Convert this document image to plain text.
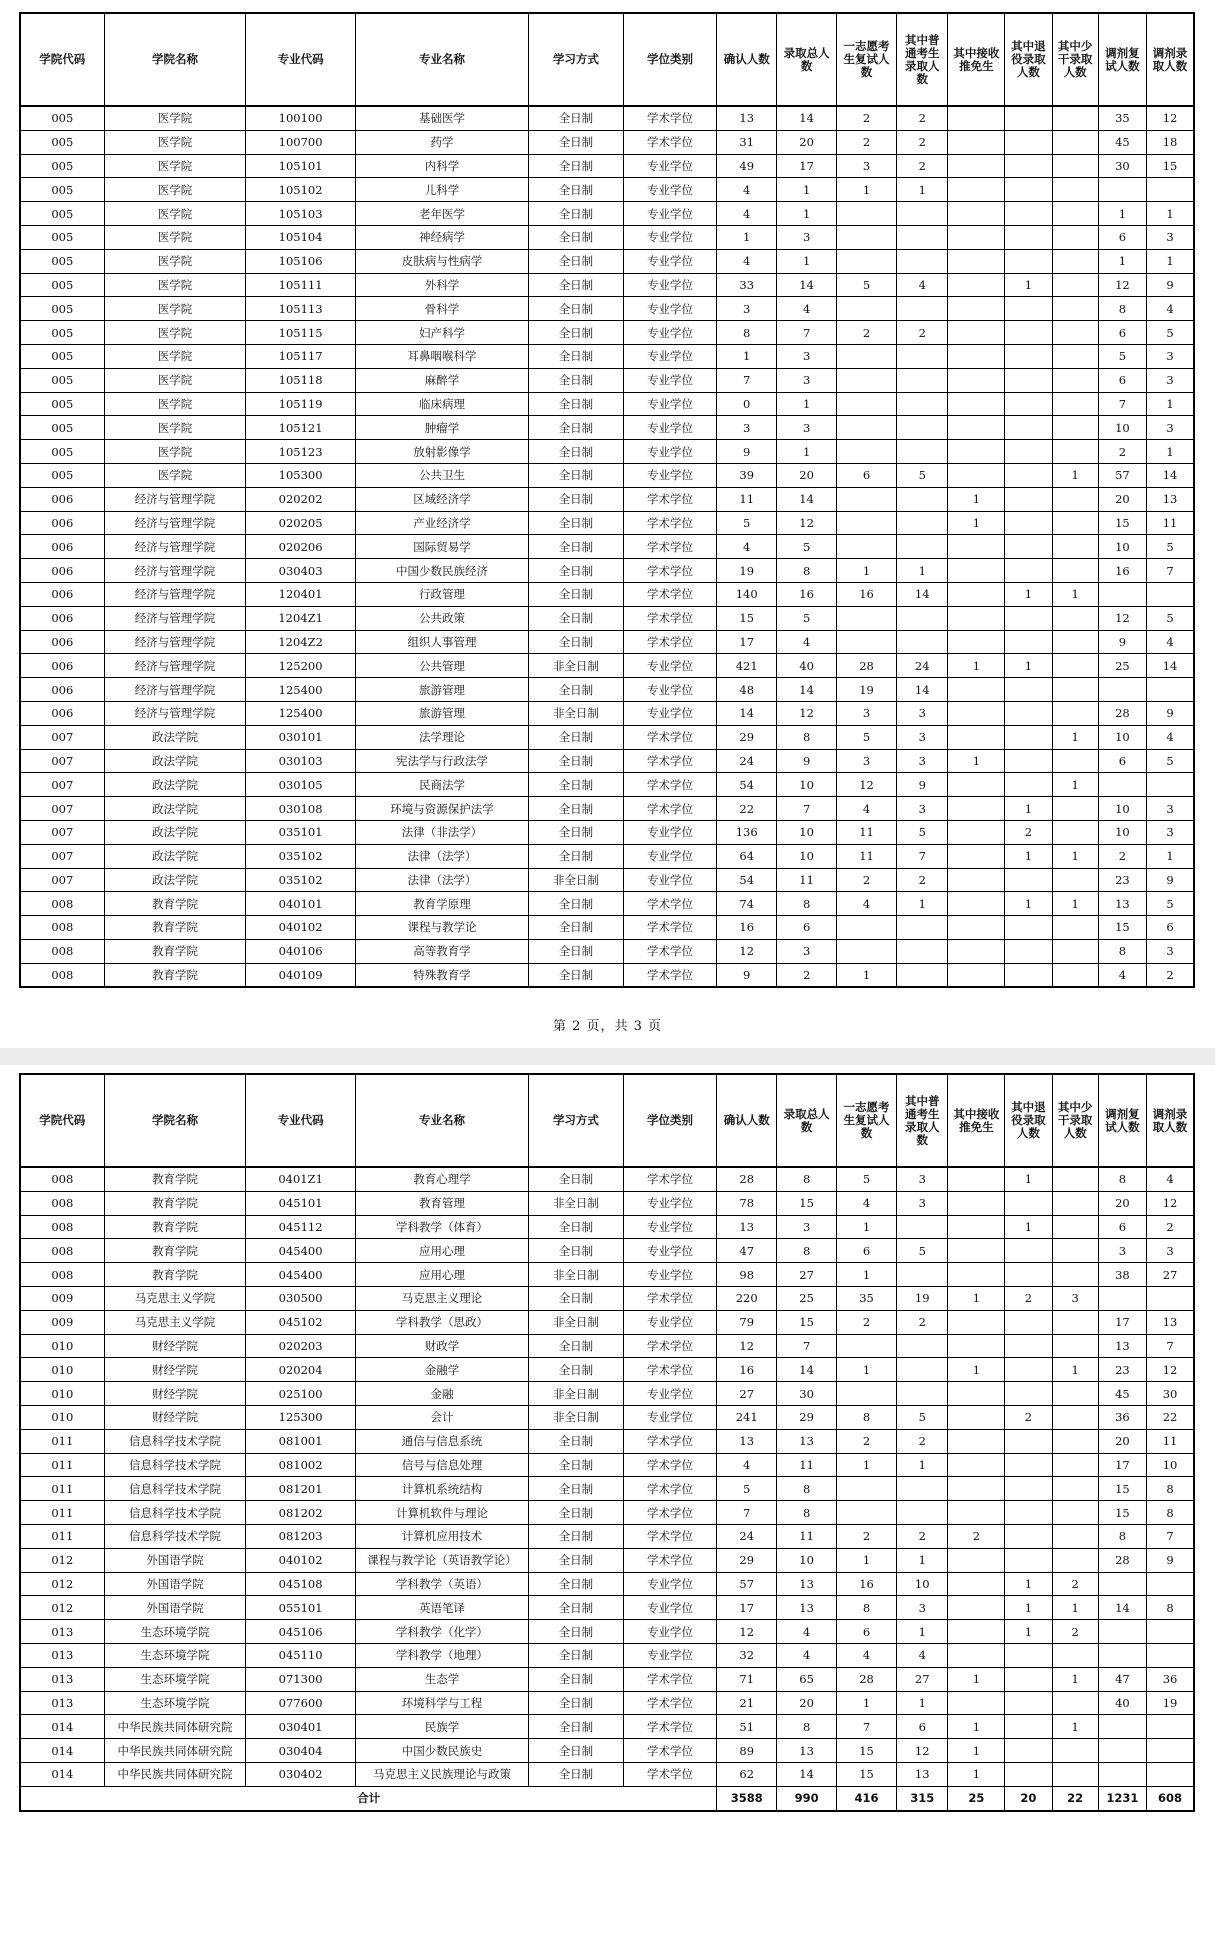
学院代码	学院名称	专业代码	专业名称	学习方式	学位类别	确认人数	录取总人数	一志愿考生复试人数	其中普通考生录取人数	其中接收推免生	其中退役录取人数	其中少干录取人数	调剂复试人数	调剂录取人数
005	医学院	100100	基础医学	全日制	学术学位	13	14	2	2				35	12
005	医学院	100700	药学	全日制	学术学位	31	20	2	2				45	18
005	医学院	105101	内科学	全日制	专业学位	49	17	3	2				30	15
005	医学院	105102	儿科学	全日制	专业学位	4	1	1	1					
005	医学院	105103	老年医学	全日制	专业学位	4	1						1	1
005	医学院	105104	神经病学	全日制	专业学位	1	3						6	3
005	医学院	105106	皮肤病与性病学	全日制	专业学位	4	1						1	1
005	医学院	105111	外科学	全日制	专业学位	33	14	5	4		1		12	9
005	医学院	105113	骨科学	全日制	专业学位	3	4						8	4
005	医学院	105115	妇产科学	全日制	专业学位	8	7	2	2				6	5
005	医学院	105117	耳鼻咽喉科学	全日制	专业学位	1	3						5	3
005	医学院	105118	麻醉学	全日制	专业学位	7	3						6	3
005	医学院	105119	临床病理	全日制	专业学位	0	1						7	1
005	医学院	105121	肿瘤学	全日制	专业学位	3	3						10	3
005	医学院	105123	放射影像学	全日制	专业学位	9	1						2	1
005	医学院	105300	公共卫生	全日制	专业学位	39	20	6	5			1	57	14
006	经济与管理学院	020202	区域经济学	全日制	学术学位	11	14			1			20	13
006	经济与管理学院	020205	产业经济学	全日制	学术学位	5	12			1			15	11
006	经济与管理学院	020206	国际贸易学	全日制	学术学位	4	5						10	5
006	经济与管理学院	030403	中国少数民族经济	全日制	学术学位	19	8	1	1				16	7
006	经济与管理学院	120401	行政管理	全日制	学术学位	140	16	16	14		1	1		
006	经济与管理学院	1204Z1	公共政策	全日制	学术学位	15	5						12	5
006	经济与管理学院	1204Z2	组织人事管理	全日制	学术学位	17	4						9	4
006	经济与管理学院	125200	公共管理	非全日制	专业学位	421	40	28	24	1	1		25	14
006	经济与管理学院	125400	旅游管理	全日制	专业学位	48	14	19	14					
006	经济与管理学院	125400	旅游管理	非全日制	专业学位	14	12	3	3				28	9
007	政法学院	030101	法学理论	全日制	学术学位	29	8	5	3			1	10	4
007	政法学院	030103	宪法学与行政法学	全日制	学术学位	24	9	3	3	1			6	5
007	政法学院	030105	民商法学	全日制	学术学位	54	10	12	9			1		
007	政法学院	030108	环境与资源保护法学	全日制	学术学位	22	7	4	3		1		10	3
007	政法学院	035101	法律（非法学）	全日制	专业学位	136	10	11	5		2		10	3
007	政法学院	035102	法律（法学）	全日制	专业学位	64	10	11	7		1	1	2	1
007	政法学院	035102	法律（法学）	非全日制	专业学位	54	11	2	2				23	9
008	教育学院	040101	教育学原理	全日制	学术学位	74	8	4	1		1	1	13	5
008	教育学院	040102	课程与教学论	全日制	学术学位	16	6						15	6
008	教育学院	040106	高等教育学	全日制	学术学位	12	3						8	3
008	教育学院	040109	特殊教育学	全日制	学术学位	9	2	1					4	2
第 2 页，共 3 页
学院代码	学院名称	专业代码	专业名称	学习方式	学位类别	确认人数	录取总人数	一志愿考生复试人数	其中普通考生录取人数	其中接收推免生	其中退役录取人数	其中少干录取人数	调剂复试人数	调剂录取人数
008	教育学院	0401Z1	教育心理学	全日制	学术学位	28	8	5	3		1		8	4
008	教育学院	045101	教育管理	非全日制	专业学位	78	15	4	3				20	12
008	教育学院	045112	学科教学（体育）	全日制	专业学位	13	3	1			1		6	2
008	教育学院	045400	应用心理	全日制	专业学位	47	8	6	5				3	3
008	教育学院	045400	应用心理	非全日制	专业学位	98	27	1					38	27
009	马克思主义学院	030500	马克思主义理论	全日制	学术学位	220	25	35	19	1	2	3		
009	马克思主义学院	045102	学科教学（思政）	非全日制	专业学位	79	15	2	2				17	13
010	财经学院	020203	财政学	全日制	学术学位	12	7						13	7
010	财经学院	020204	金融学	全日制	学术学位	16	14	1		1		1	23	12
010	财经学院	025100	金融	非全日制	专业学位	27	30						45	30
010	财经学院	125300	会计	非全日制	专业学位	241	29	8	5		2		36	22
011	信息科学技术学院	081001	通信与信息系统	全日制	学术学位	13	13	2	2				20	11
011	信息科学技术学院	081002	信号与信息处理	全日制	学术学位	4	11	1	1				17	10
011	信息科学技术学院	081201	计算机系统结构	全日制	学术学位	5	8						15	8
011	信息科学技术学院	081202	计算机软件与理论	全日制	学术学位	7	8						15	8
011	信息科学技术学院	081203	计算机应用技术	全日制	学术学位	24	11	2	2	2			8	7
012	外国语学院	040102	课程与教学论（英语教学论）	全日制	学术学位	29	10	1	1				28	9
012	外国语学院	045108	学科教学（英语）	全日制	专业学位	57	13	16	10		1	2		
012	外国语学院	055101	英语笔译	全日制	专业学位	17	13	8	3		1	1	14	8
013	生态环境学院	045106	学科教学（化学）	全日制	专业学位	12	4	6	1		1	2		
013	生态环境学院	045110	学科教学（地理）	全日制	专业学位	32	4	4	4					
013	生态环境学院	071300	生态学	全日制	学术学位	71	65	28	27	1		1	47	36
013	生态环境学院	077600	环境科学与工程	全日制	学术学位	21	20	1	1				40	19
014	中华民族共同体研究院	030401	民族学	全日制	学术学位	51	8	7	6	1		1		
014	中华民族共同体研究院	030404	中国少数民族史	全日制	学术学位	89	13	15	12	1				
014	中华民族共同体研究院	030402	马克思主义民族理论与政策	全日制	学术学位	62	14	15	13	1				
合计						3588	990	416	315	25	20	22	1231	608
